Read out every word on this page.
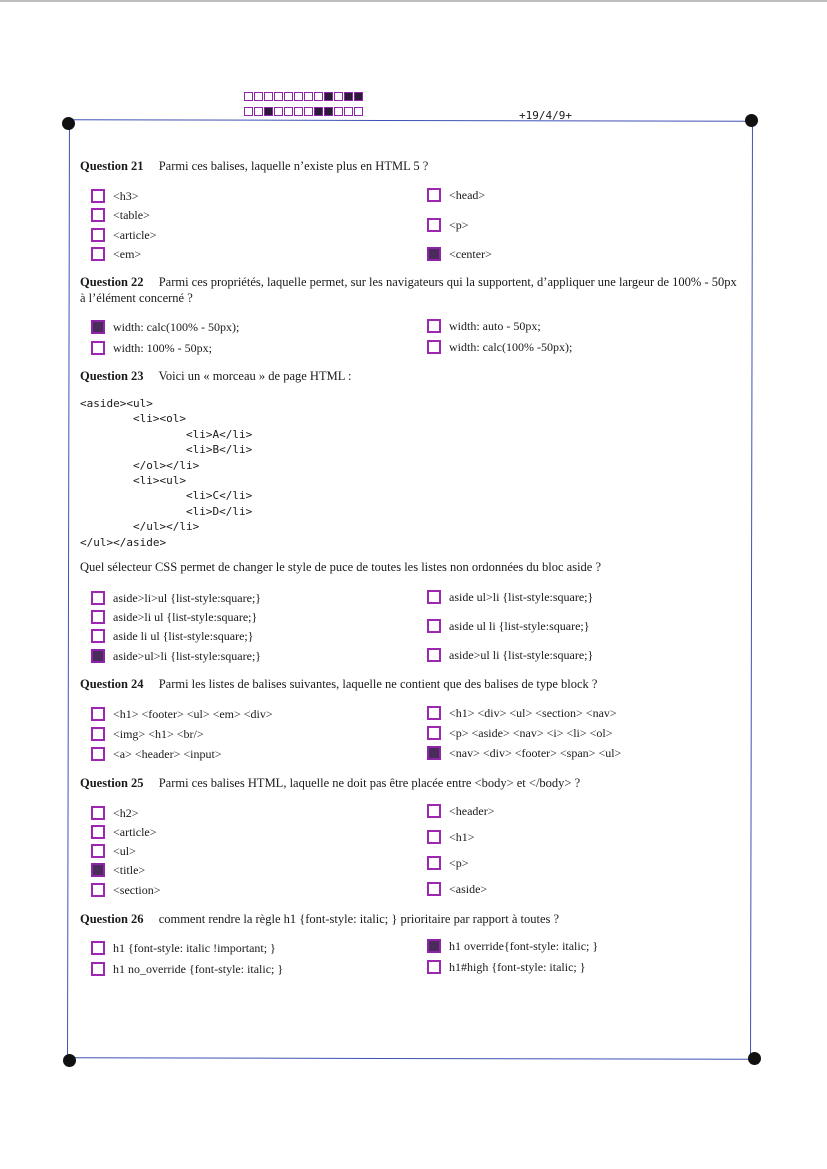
+19/4/9+
Question 21 Parmi ces balises, laquelle n’existe plus en HTML 5 ?
<h3>
<table>
<article>
<em>
<head>
<p>
<center>
Question 22 Parmi ces propriétés, laquelle permet, sur les navigateurs qui la supportent, d’appliquer une largeur de 100% - 50px à l’élément concerné ?
width: calc(100% - 50px);
width: 100% - 50px;
width: auto - 50px;
width: calc(100% -50px);
Question 23 Voici un « morceau » de page HTML :
<aside><ul>
<li><ol>
<li>A</li>
<li>B</li>
</ol></li>
<li><ul>
<li>C</li>
<li>D</li>
</ul></li>
</ul></aside>
Quel sélecteur CSS permet de changer le style de puce de toutes les listes non ordonnées du bloc aside ?
aside>li>ul {list-style:square;}
aside>li ul {list-style:square;}
aside li ul {list-style:square;}
aside>ul>li {list-style:square;}
aside ul>li {list-style:square;}
aside ul li {list-style:square;}
aside>ul li {list-style:square;}
Question 24 Parmi les listes de balises suivantes, laquelle ne contient que des balises de type block ?
<h1> <footer> <ul> <em> <div>
<img> <h1> <br/>
<a> <header> <input>
<h1> <div> <ul> <section> <nav>
<p> <aside> <nav> <i> <li> <ol>
<nav> <div> <footer> <span> <ul>
Question 25 Parmi ces balises HTML, laquelle ne doit pas être placée entre <body> et </body> ?
<h2>
<article>
<ul>
<title>
<section>
<header>
<h1>
<p>
<aside>
Question 26 comment rendre la règle h1 {font-style: italic; } prioritaire par rapport à toutes ?
h1 {font-style: italic !important; }
h1 no_override {font-style: italic; }
h1 override{font-style: italic; }
h1#high {font-style: italic; }
